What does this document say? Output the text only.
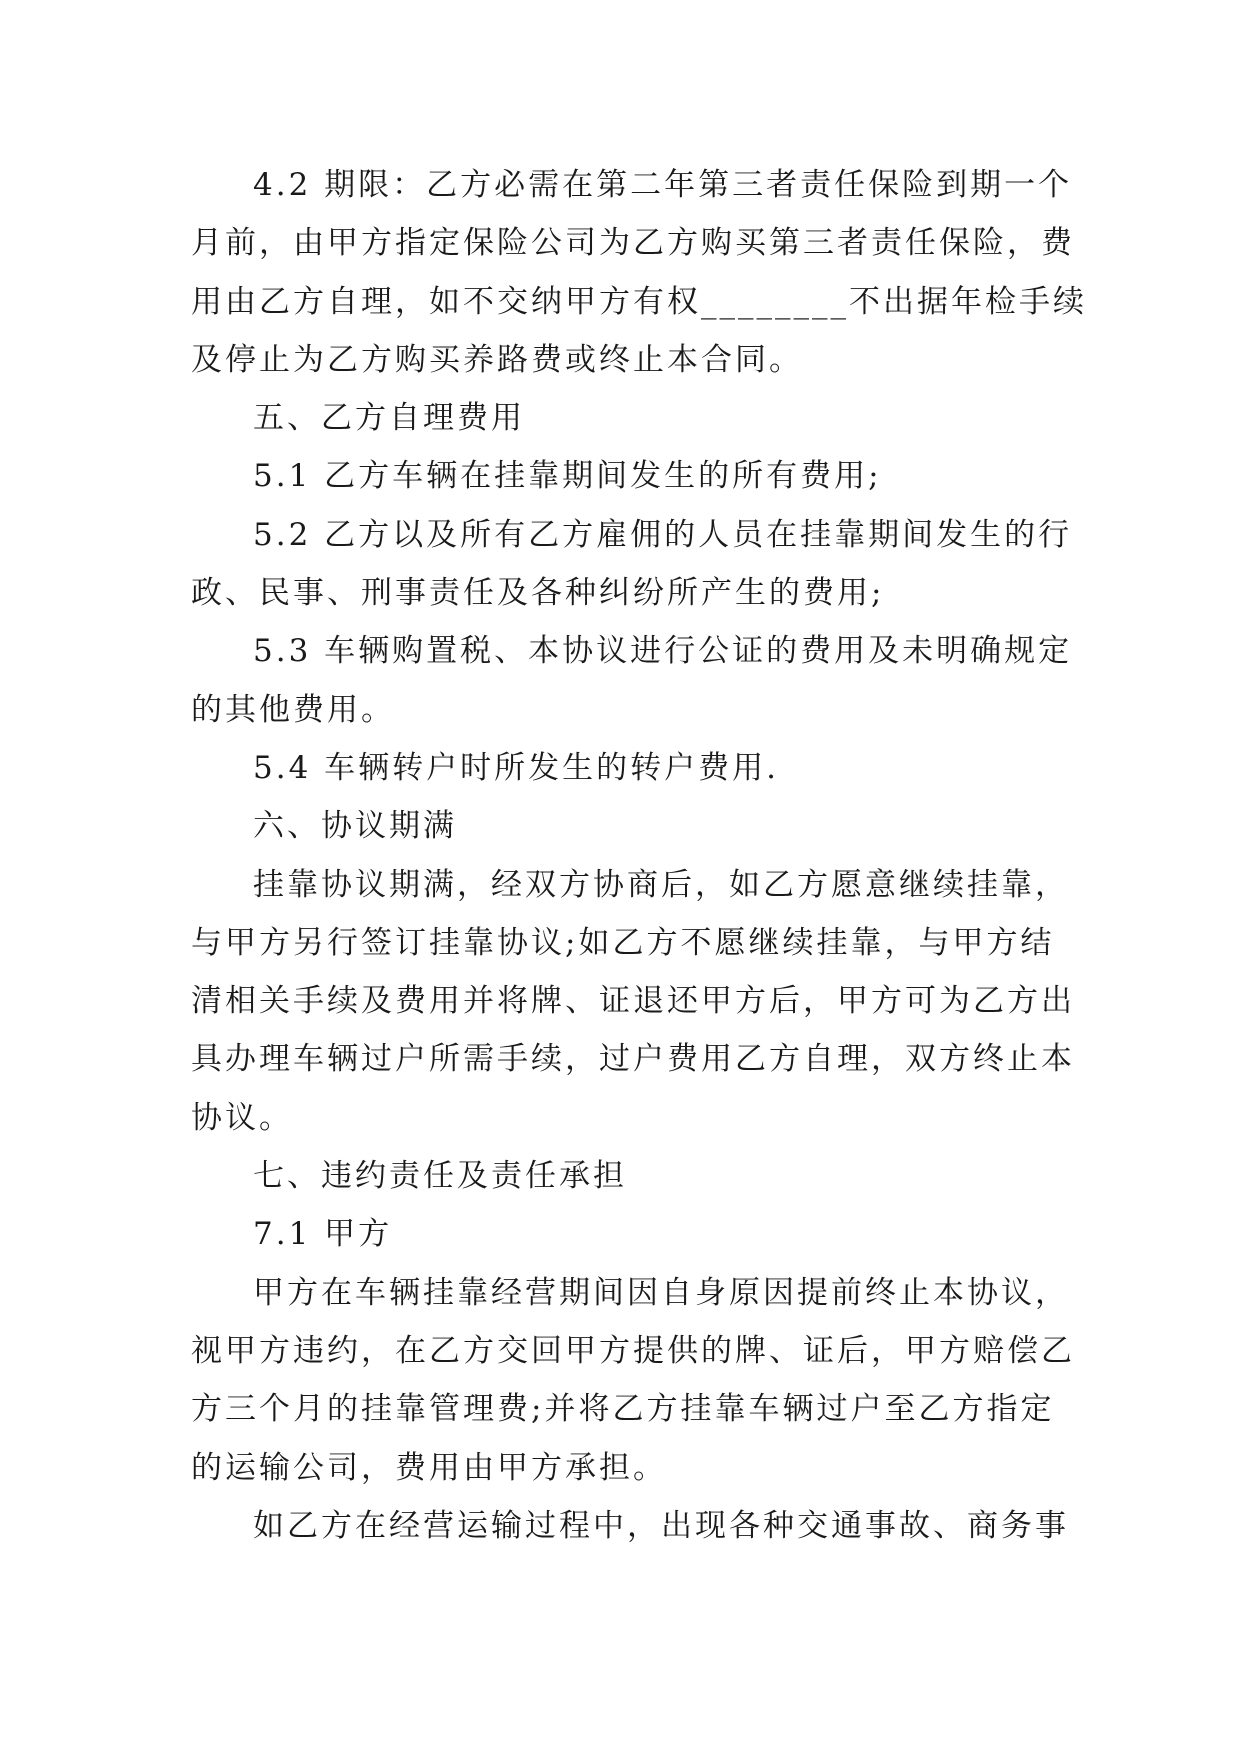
4.2 期限：乙方必需在第二年第三者责任保险到期一个
月前，由甲方指定保险公司为乙方购买第三者责任保险，费
用由乙方自理，如不交纳甲方有权________不出据年检手续
及停止为乙方购买养路费或终止本合同。
五、乙方自理费用
5.1 乙方车辆在挂靠期间发生的所有费用;
5.2 乙方以及所有乙方雇佣的人员在挂靠期间发生的行
政、民事、刑事责任及各种纠纷所产生的费用;
5.3 车辆购置税、本协议进行公证的费用及未明确规定
的其他费用。
5.4 车辆转户时所发生的转户费用.
六、协议期满
挂靠协议期满，经双方协商后，如乙方愿意继续挂靠，
与甲方另行签订挂靠协议;如乙方不愿继续挂靠，与甲方结
清相关手续及费用并将牌、证退还甲方后，甲方可为乙方出
具办理车辆过户所需手续，过户费用乙方自理，双方终止本
协议。
七、违约责任及责任承担
7.1 甲方
甲方在车辆挂靠经营期间因自身原因提前终止本协议，
视甲方违约，在乙方交回甲方提供的牌、证后，甲方赔偿乙
方三个月的挂靠管理费;并将乙方挂靠车辆过户至乙方指定
的运输公司，费用由甲方承担。
如乙方在经营运输过程中，出现各种交通事故、商务事
